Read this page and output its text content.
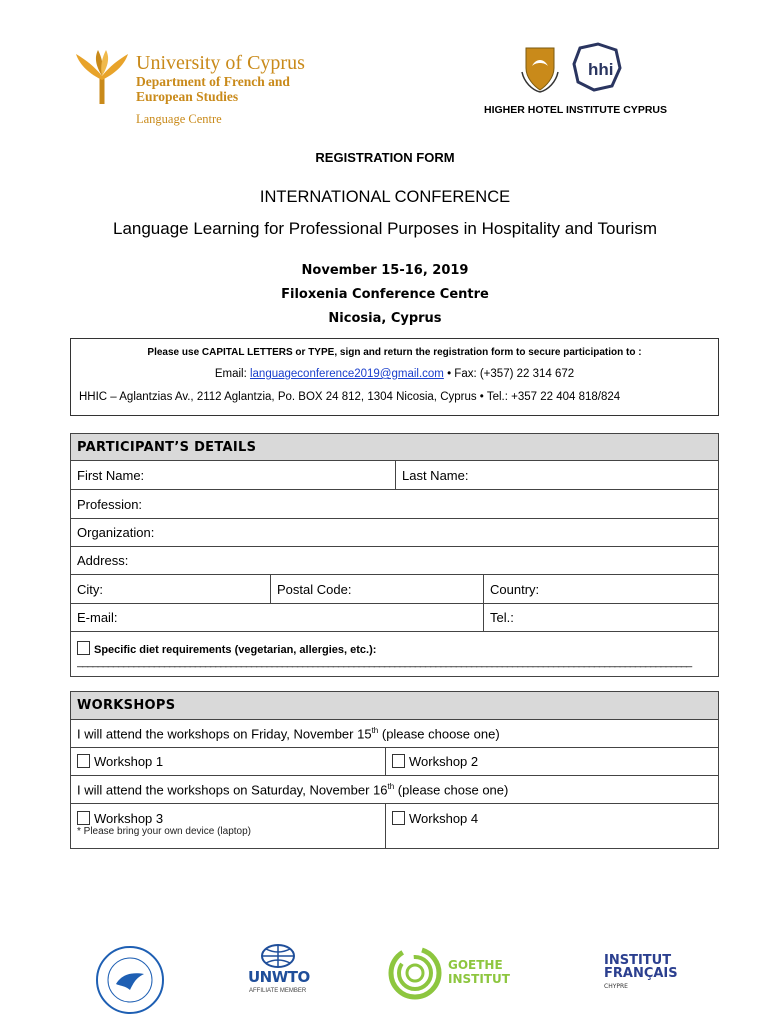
University of Cyprus
Department of French and
European Studies
Language Centre
hhi
HIGHER HOTEL INSTITUTE CYPRUS
REGISTRATION FORM
INTERNATIONAL CONFERENCE
Language Learning for Professional Purposes in Hospitality and Tourism
November 15-16, 2019
Filoxenia Conference Centre
Nicosia, Cyprus
Please use CAPITAL LETTERS or TYPE, sign and return the registration form to secure participation to :
Email: languageconference2019@gmail.com • Fax: (+357) 22 314 672
HHIC – Aglantzias Av., 2112 Aglantzia, Po. BOX 24 812, 1304 Nicosia, Cyprus • Tel.: +357 22 404 818/824
PARTICIPANT’S DETAILS			
First Name:		Last Name:	
Profession:			
Organization:			
Address:			
City:	Postal Code:		Country:
E-mail:			Tel.:

Specific diet requirements (vegetarian, allergies, etc.):
________________________________________________________________________________________________________________________			
WORKSHOPS	
I will attend the workshops on Friday, November 15th (please choose one)	
Workshop 1	Workshop 2
I will attend the workshops on Saturday, November 16th (please chose one)	

Workshop 3
* Please bring your own device (laptop)	Workshop 4
UNWTO
AFFILIATE MEMBER
GOETHE
INSTITUT
INSTITUT
FRANÇAIS
CHYPRE
